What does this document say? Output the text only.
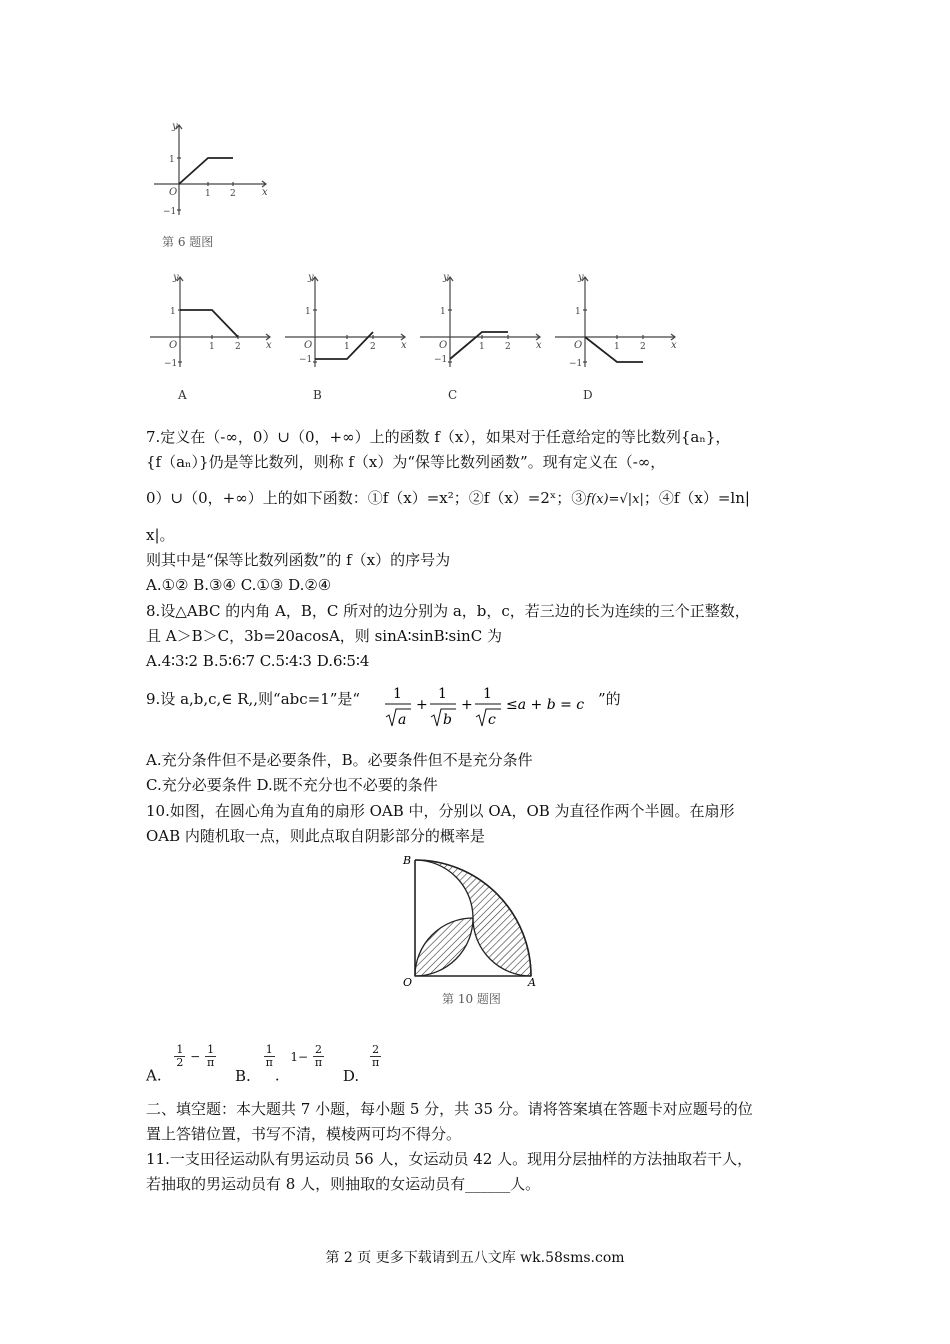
y
x
O
1
−1
1 2
第 6 题图
y
x
O
1
−1
1 2
A
y
x
O
1
−1
1 2
B
y
x
O
1
−1
1 2
C
y
x
O
1
−1
1 2
D
7.定义在（-∞，0）∪（0，+∞）上的函数 f（x），如果对于任意给定的等比数列{aₙ}，
{f（aₙ）}仍是等比数列，则称 f（x）为“保等比数列函数”。现有定义在（-∞，
0）∪（0，+∞）上的如下函数：①f（x）=x²；②f（x）=2ˣ；③f(x)=√|x|；④f（x）=ln|
x|。
则其中是“保等比数列函数”的 f（x）的序号为
A.①② B.③④ C.①③ D.②④
8.设△ABC 的内角 A，B，C 所对的边分别为 a，b，c，若三边的长为连续的三个正整数，
且 A＞B＞C，3b=20acosA，则 sinA∶sinB∶sinC 为
A.4∶3∶2 B.5∶6∶7 C.5∶4∶3 D.6∶5∶4
9.设 a,b,c,∈ R,,则“abc=1”是“ 1
a
+
1
b
+
1
c
≤a + b = c ”的
A.充分条件但不是必要条件，B。必要条件但不是充分条件
C.充分必要条件 D.既不充分也不必要的条件
10.如图，在圆心角为直角的扇形 OAB 中，分别以 OA，OB 为直径作两个半圆。在扇形
OAB 内随机取一点，则此点取自阴影部分的概率是
B
O	A
第 10 题图
A.
$\frac{1}{2} - \frac{1}{\pi}$
B.
$\frac{1}{\pi}$
. $1- \frac{2}{\pi}$
D.
$\frac{2}{\pi}$
二、填空题：本大题共 7 小题，每小题 5 分，共 35 分。请将答案填在答题卡对应题号的位
置上答错位置，书写不清，模棱两可均不得分。
11.一支田径运动队有男运动员 56 人，女运动员 42 人。现用分层抽样的方法抽取若干人，
若抽取的男运动员有 8 人，则抽取的女运动员有______人。
第 2 页 更多下载请到五八文库 wk.58sms.com
